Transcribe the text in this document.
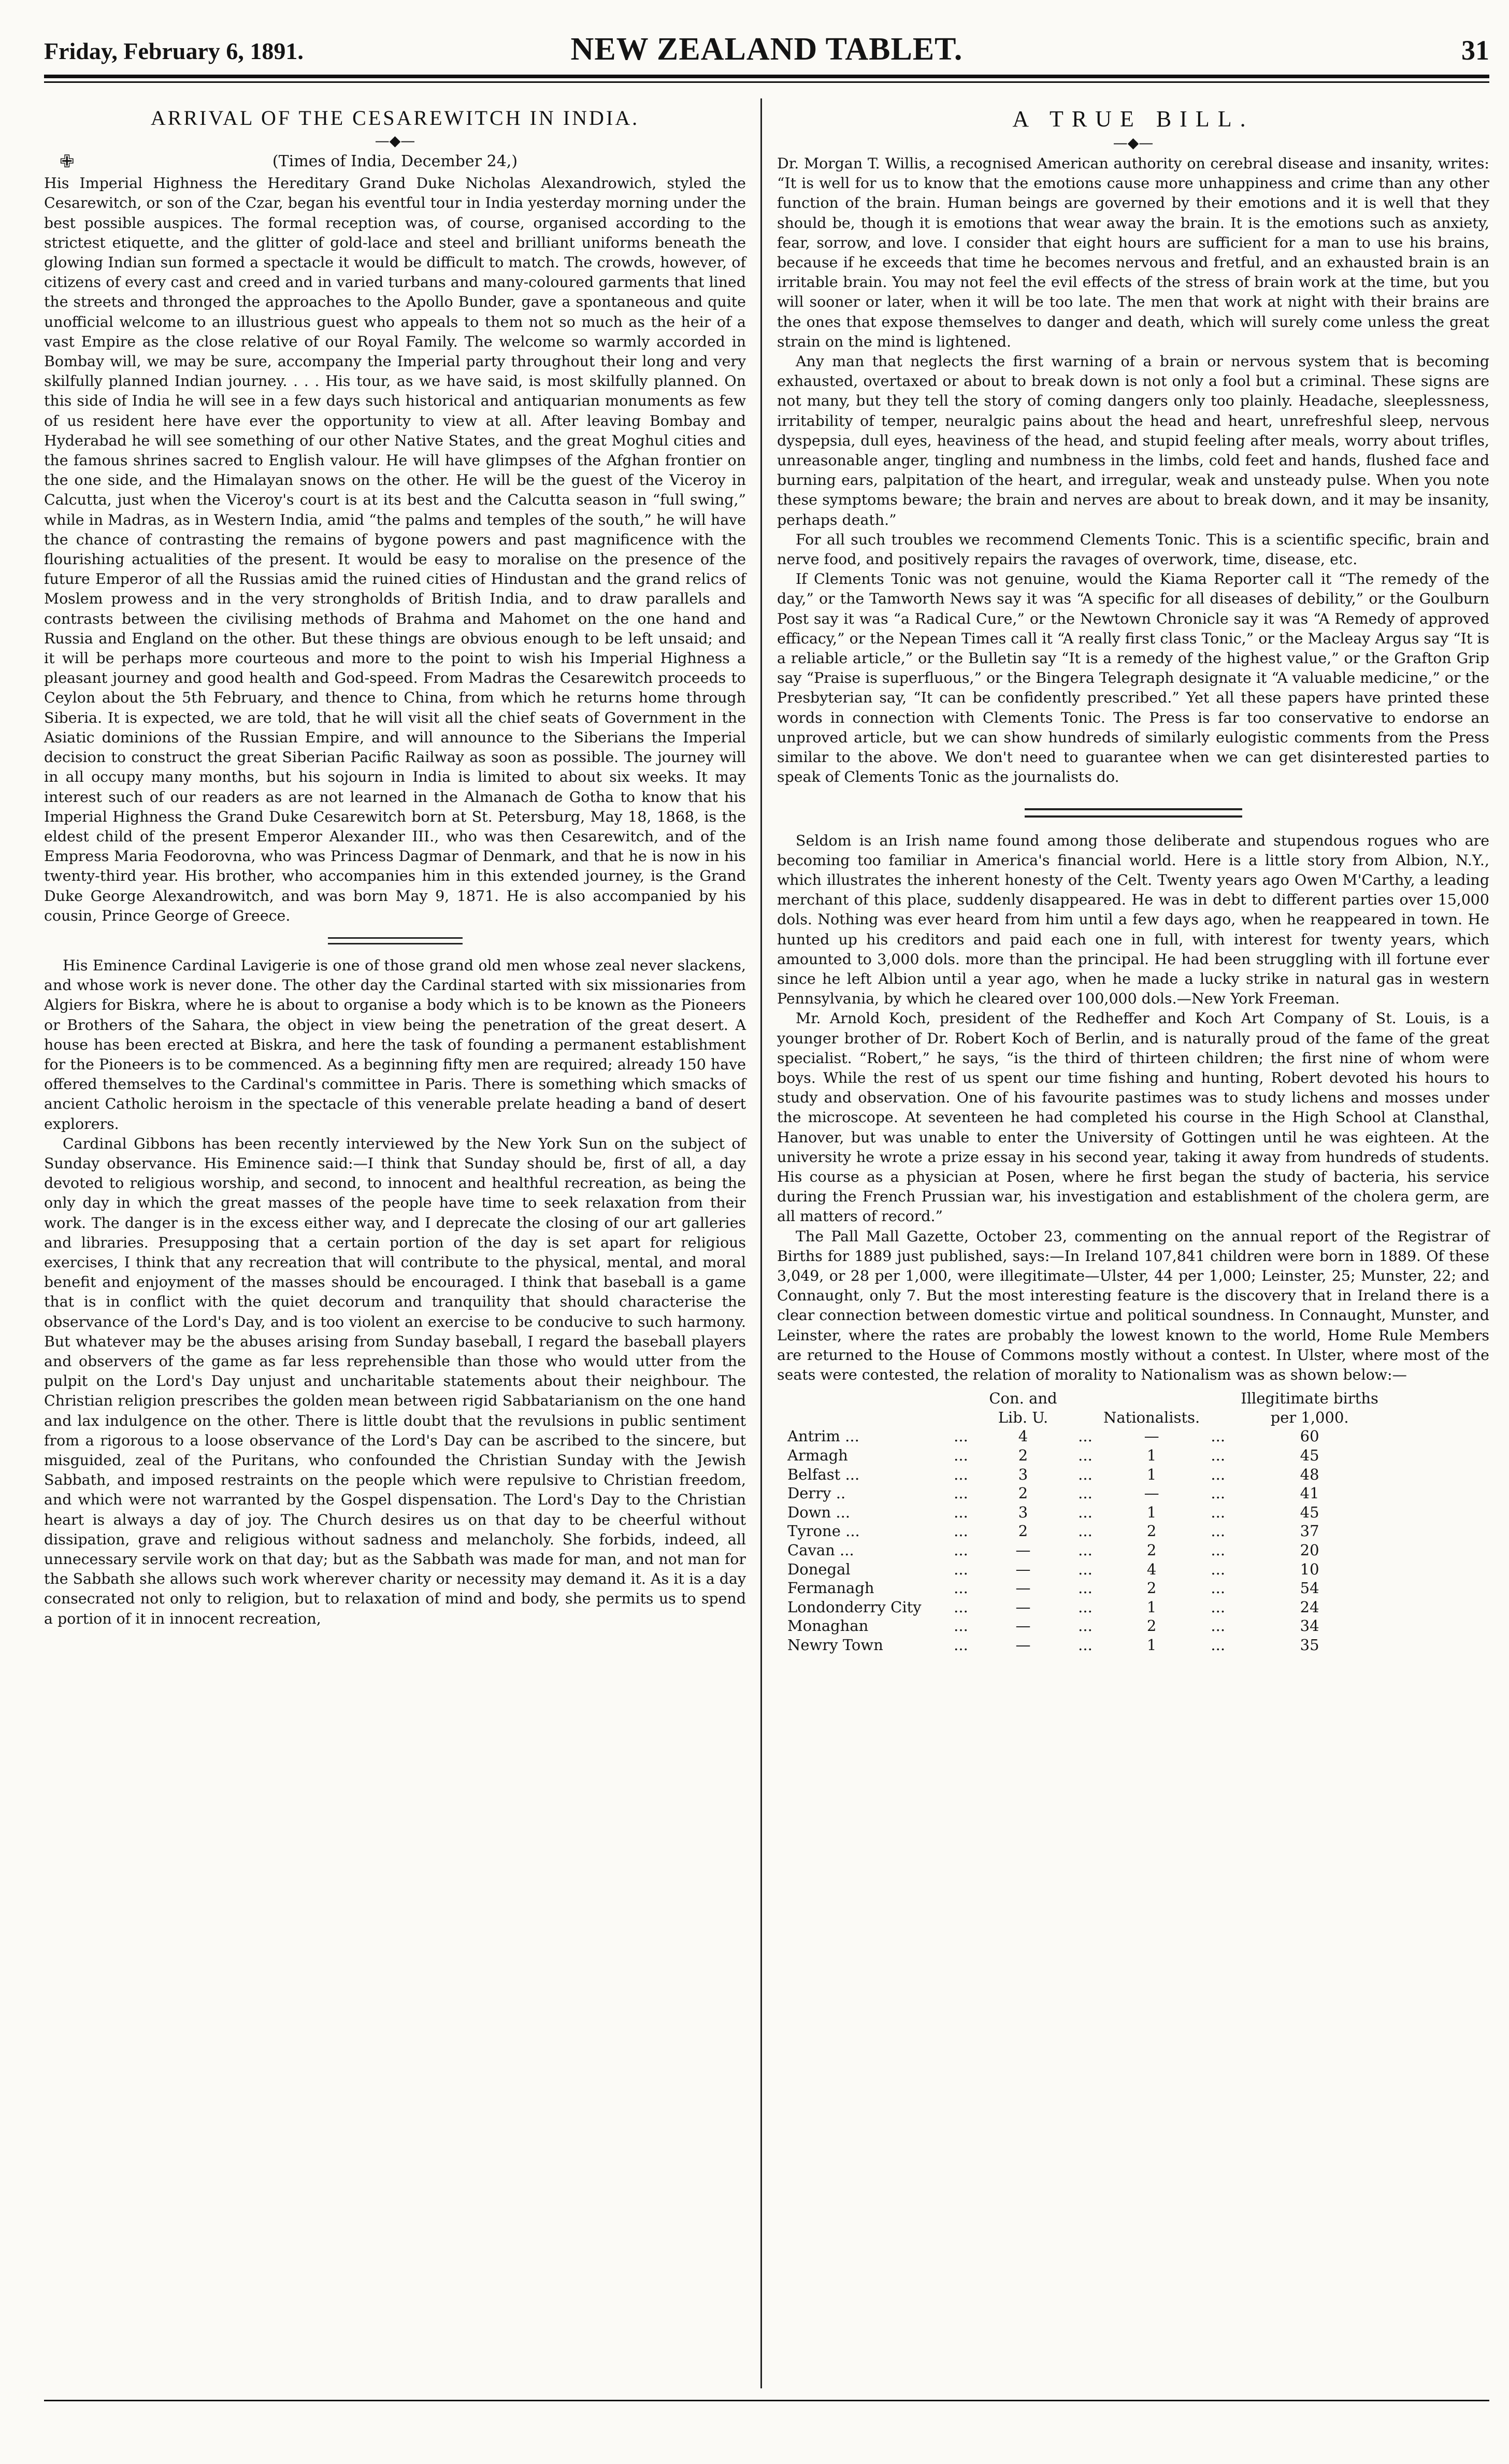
Friday, February 6, 1891.	NEW ZEALAND TABLET.	31
ARRIVAL OF THE CESAREWITCH IN INDIA.
✙
—◆—

(Times of India, December 24,)

His Imperial Highness the Hereditary Grand Duke Nicholas Alexandrowich, styled the Cesarewitch, or son of the Czar, began his eventful tour in India yesterday morning under the best possible auspices. The formal reception was, of course, organised according to the strictest etiquette, and the glitter of gold-lace and steel and brilliant uniforms beneath the glowing Indian sun formed a spectacle it would be difficult to match. The crowds, however, of citizens of every cast and creed and in varied turbans and many-coloured garments that lined the streets and thronged the approaches to the Apollo Bunder, gave a spontaneous and quite unofficial welcome to an illustrious guest who appeals to them not so much as the heir of a vast Empire as the close relative of our Royal Family. The welcome so warmly accorded in Bombay will, we may be sure, accompany the Imperial party throughout their long and very skilfully planned Indian journey. . . . His tour, as we have said, is most skilfully planned. On this side of India he will see in a few days such historical and antiquarian monuments as few of us resident here have ever the opportunity to view at all. After leaving Bombay and Hyderabad he will see something of our other Native States, and the great Moghul cities and the famous shrines sacred to English valour. He will have glimpses of the Afghan frontier on the one side, and the Himalayan snows on the other. He will be the guest of the Viceroy in Calcutta, just when the Viceroy's court is at its best and the Calcutta season in “full swing,” while in Madras, as in Western India, amid “the palms and temples of the south,” he will have the chance of contrasting the remains of bygone powers and past magnificence with the flourishing actualities of the present. It would be easy to moralise on the presence of the future Emperor of all the Russias amid the ruined cities of Hindustan and the grand relics of Moslem prowess and in the very strongholds of British India, and to draw parallels and contrasts between the civilising methods of Brahma and Mahomet on the one hand and Russia and England on the other. But these things are obvious enough to be left unsaid; and it will be perhaps more courteous and more to the point to wish his Imperial Highness a pleasant journey and good health and God-speed. From Madras the Cesarewitch proceeds to Ceylon about the 5th February, and thence to China, from which he returns home through Siberia. It is expected, we are told, that he will visit all the chief seats of Government in the Asiatic dominions of the Russian Empire, and will announce to the Siberians the Imperial decision to construct the great Siberian Pacific Railway as soon as possible. The journey will in all occupy many months, but his sojourn in India is limited to about six weeks. It may interest such of our readers as are not learned in the Almanach de Gotha to know that his Imperial Highness the Grand Duke Cesarewitch born at St. Petersburg, May 18, 1868, is the eldest child of the present Emperor Alexander III., who was then Cesarewitch, and of the Empress Maria Feodorovna, who was Princess Dagmar of Denmark, and that he is now in his twenty-third year. His brother, who accompanies him in this extended journey, is the Grand Duke George Alexandrowitch, and was born May 9, 1871. He is also accompanied by his cousin, Prince George of Greece.

His Eminence Cardinal Lavigerie is one of those grand old men whose zeal never slackens, and whose work is never done. The other day the Cardinal started with six missionaries from Algiers for Biskra, where he is about to organise a body which is to be known as the Pioneers or Brothers of the Sahara, the object in view being the penetration of the great desert. A house has been erected at Biskra, and here the task of founding a permanent establishment for the Pioneers is to be commenced. As a beginning fifty men are required; already 150 have offered themselves to the Cardinal's committee in Paris. There is something which smacks of ancient Catholic heroism in the spectacle of this venerable prelate heading a band of desert explorers.

Cardinal Gibbons has been recently interviewed by the New York Sun on the subject of Sunday observance. His Eminence said:—I think that Sunday should be, first of all, a day devoted to religious worship, and second, to innocent and healthful recreation, as being the only day in which the great masses of the people have time to seek relaxation from their work. The danger is in the excess either way, and I deprecate the closing of our art galleries and libraries. Presupposing that a certain portion of the day is set apart for religious exercises, I think that any recreation that will contribute to the physical, mental, and moral benefit and enjoyment of the masses should be encouraged. I think that baseball is a game that is in conflict with the quiet decorum and tranquility that should characterise the observance of the Lord's Day, and is too violent an exercise to be conducive to such harmony. But whatever may be the abuses arising from Sunday baseball, I regard the baseball players and observers of the game as far less reprehensible than those who would utter from the pulpit on the Lord's Day unjust and uncharitable statements about their neighbour. The Christian religion prescribes the golden mean between rigid Sabbatarianism on the one hand and lax indulgence on the other. There is little doubt that the revulsions in public sentiment from a rigorous to a loose observance of the Lord's Day can be ascribed to the sincere, but misguided, zeal of the Puritans, who confounded the Christian Sunday with the Jewish Sabbath, and imposed restraints on the people which were repulsive to Christian freedom, and which were not warranted by the Gospel dispensation. The Lord's Day to the Christian heart is always a day of joy. The Church desires us on that day to be cheerful without dissipation, grave and religious without sadness and melancholy. She forbids, indeed, all unnecessary servile work on that day; but as the Sabbath was made for man, and not man for the Sabbath she allows such work wherever charity or necessity may demand it. As it is a day consecrated not only to religion, but to relaxation of mind and body, she permits us to spend a portion of it in innocent recreation,

A TRUE BILL.
—◆—

Dr. Morgan T. Willis, a recognised American authority on cerebral disease and insanity, writes: “It is well for us to know that the emotions cause more unhappiness and crime than any other function of the brain. Human beings are governed by their emotions and it is well that they should be, though it is emotions that wear away the brain. It is the emotions such as anxiety, fear, sorrow, and love. I consider that eight hours are sufficient for a man to use his brains, because if he exceeds that time he becomes nervous and fretful, and an exhausted brain is an irritable brain. You may not feel the evil effects of the stress of brain work at the time, but you will sooner or later, when it will be too late. The men that work at night with their brains are the ones that expose themselves to danger and death, which will surely come unless the great strain on the mind is lightened.

Any man that neglects the first warning of a brain or nervous system that is becoming exhausted, overtaxed or about to break down is not only a fool but a criminal. These signs are not many, but they tell the story of coming dangers only too plainly. Headache, sleeplessness, irritability of temper, neuralgic pains about the head and heart, unrefreshful sleep, nervous dyspepsia, dull eyes, heaviness of the head, and stupid feeling after meals, worry about trifles, unreasonable anger, tingling and numbness in the limbs, cold feet and hands, flushed face and burning ears, palpitation of the heart, and irregular, weak and unsteady pulse. When you note these symptoms beware; the brain and nerves are about to break down, and it may be insanity, perhaps death.”

For all such troubles we recommend Clements Tonic. This is a scientific specific, brain and nerve food, and positively repairs the ravages of overwork, time, disease, etc.

If Clements Tonic was not genuine, would the Kiama Reporter call it “The remedy of the day,” or the Tamworth News say it was “A specific for all diseases of debility,” or the Goulburn Post say it was “a Radical Cure,” or the Newtown Chronicle say it was “A Remedy of approved efficacy,” or the Nepean Times call it “A really first class Tonic,” or the Macleay Argus say “It is a reliable article,” or the Bulletin say “It is a remedy of the highest value,” or the Grafton Grip say “Praise is superfluous,” or the Bingera Telegraph designate it “A valuable medicine,” or the Presbyterian say, “It can be confidently prescribed.” Yet all these papers have printed these words in connection with Clements Tonic. The Press is far too conservative to endorse an unproved article, but we can show hundreds of similarly eulogistic comments from the Press similar to the above. We don't need to guarantee when we can get disinterested parties to speak of Clements Tonic as the journalists do.

Seldom is an Irish name found among those deliberate and stupendous rogues who are becoming too familiar in America's financial world. Here is a little story from Albion, N.Y., which illustrates the inherent honesty of the Celt. Twenty years ago Owen M'Carthy, a leading merchant of this place, suddenly disappeared. He was in debt to different parties over 15,000 dols. Nothing was ever heard from him until a few days ago, when he reappeared in town. He hunted up his creditors and paid each one in full, with interest for twenty years, which amounted to 3,000 dols. more than the principal. He had been struggling with ill fortune ever since he left Albion until a year ago, when he made a lucky strike in natural gas in western Pennsylvania, by which he cleared over 100,000 dols.—New York Freeman.

Mr. Arnold Koch, president of the Redheffer and Koch Art Company of St. Louis, is a younger brother of Dr. Robert Koch of Berlin, and is naturally proud of the fame of the great specialist. “Robert,” he says, “is the third of thirteen children; the first nine of whom were boys. While the rest of us spent our time fishing and hunting, Robert devoted his hours to study and observation. One of his favourite pastimes was to study lichens and mosses under the microscope. At seventeen he had completed his course in the High School at Clansthal, Hanover, but was unable to enter the University of Gottingen until he was eighteen. At the university he wrote a prize essay in his second year, taking it away from hundreds of students. His course as a physician at Posen, where he first began the study of bacteria, his service during the French Prussian war, his investigation and establishment of the cholera germ, are all matters of record.”

The Pall Mall Gazette, October 23, commenting on the annual report of the Registrar of Births for 1889 just published, says:—In Ireland 107,841 children were born in 1889. Of these 3,049, or 28 per 1,000, were illegitimate—Ulster, 44 per 1,000; Leinster, 25; Munster, 22; and Connaught, only 7. But the most interesting feature is the discovery that in Ireland there is a clear connection between domestic virtue and political soundness. In Connaught, Munster, and Leinster, where the rates are probably the lowest known to the world, Home Rule Members are returned to the House of Commons mostly without a contest. In Ulster, where most of the seats were contested, the relation of morality to Nationalism was as shown below:—

		Con. and Lib. U.		Nationalists.		Illegitimate births per 1,000.
Antrim ...	...	4	...	—	...	60
Armagh	...	2	...	1	...	45
Belfast ...	...	3	...	1	...	48
Derry ..	...	2	...	—	...	41
Down ...	...	3	...	1	...	45
Tyrone ...	...	2	...	2	...	37
Cavan ...	...	—	...	2	...	20
Donegal	...	—	...	4	...	10
Fermanagh	...	—	...	2	...	54
Londonderry City	...	—	...	1	...	24
Monaghan	...	—	...	2	...	34
Newry Town	...	—	...	1	...	35
